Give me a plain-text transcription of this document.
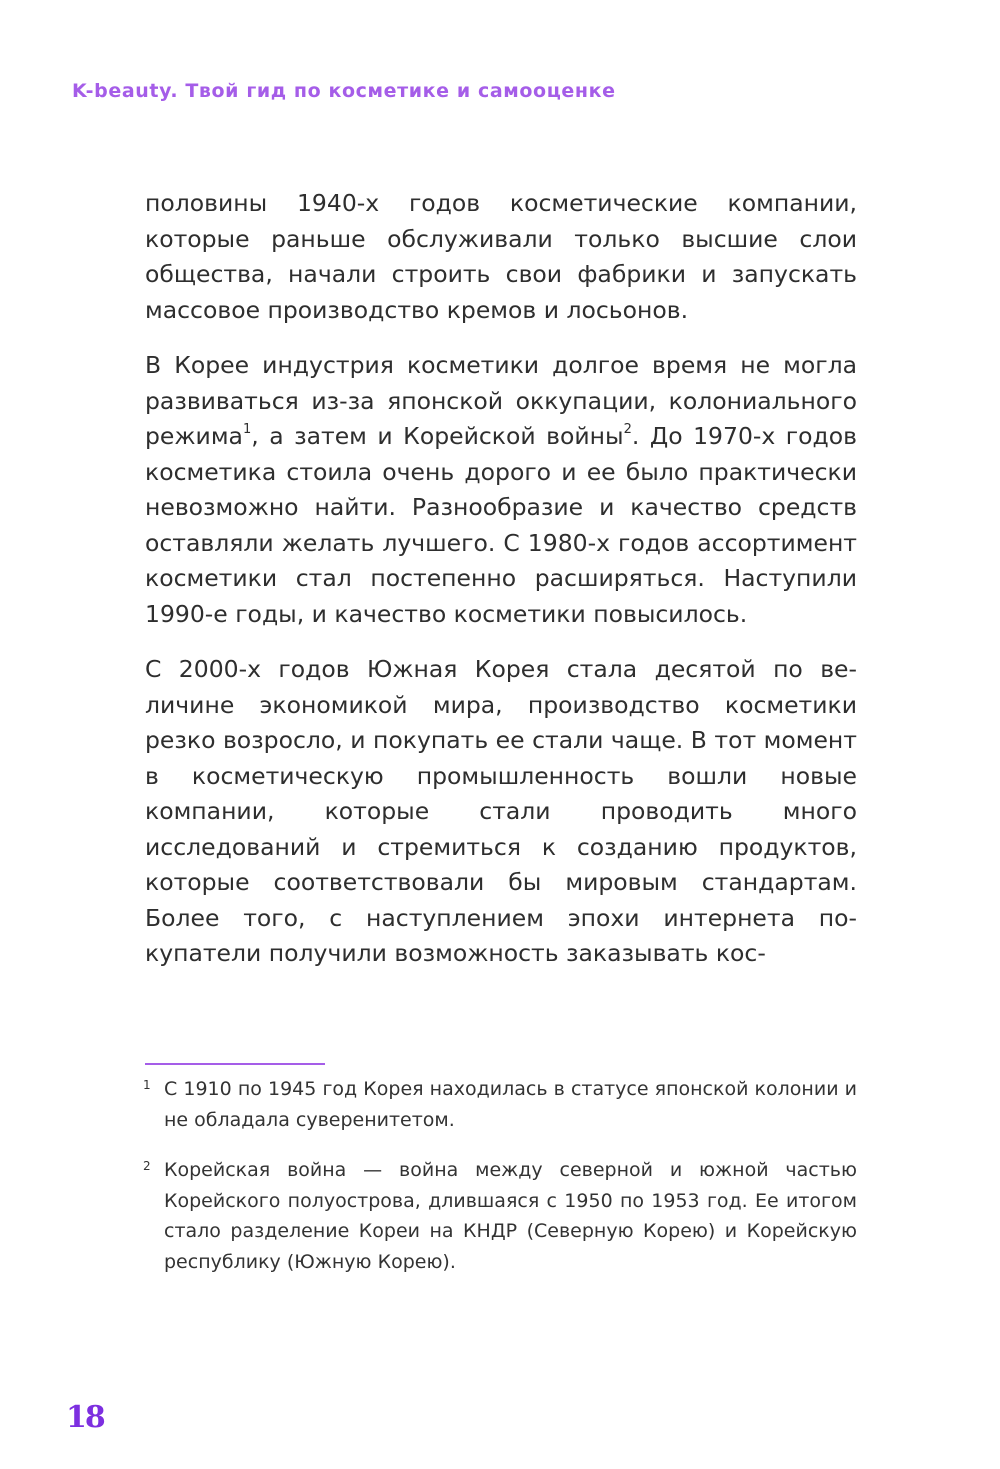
K-beauty. Твой гид по косметике и самооценке

половины 1940-х годов косметические компании, которые раньше обслуживали только высшие слои общества, начали строить свои фабрики и запускать массовое производство кремов и лосьонов.

В Корее индустрия косметики долгое время не могла развиваться из-за японской оккупации, колониального режима$^1$, а затем и Корейской войны$^2$. До 1970-х годов косметика стоила очень дорого и ее было практически невозможно найти. Разнообразие и качество средств оставляли желать лучшего. С 1980-х годов ассортимент косметики стал постепенно расширяться. Наступили 1990-е годы, и качество косметики повысилось.

С 2000-х годов Южная Корея стала десятой по величине экономикой мира, производство косметики резко возросло, и покупать ее стали чаще. В тот момент в косметическую промышленность вошли новые компании, которые стали проводить много исследований и стремиться к созданию продуктов, которые соответствовали бы мировым стандартам. Более того, с наступлением эпохи интернета покупатели получили возможность заказывать кос-

1 С 1910 по 1945 год Корея находилась в статусе японской колонии и не обладала суверенитетом.
2 Корейская война — война между северной и южной частью Корейского полуострова, длившаяся с 1950 по 1953 год. Ее итогом стало разделение Кореи на КНДР (Северную Корею) и Корейскую республику (Южную Корею).
18
